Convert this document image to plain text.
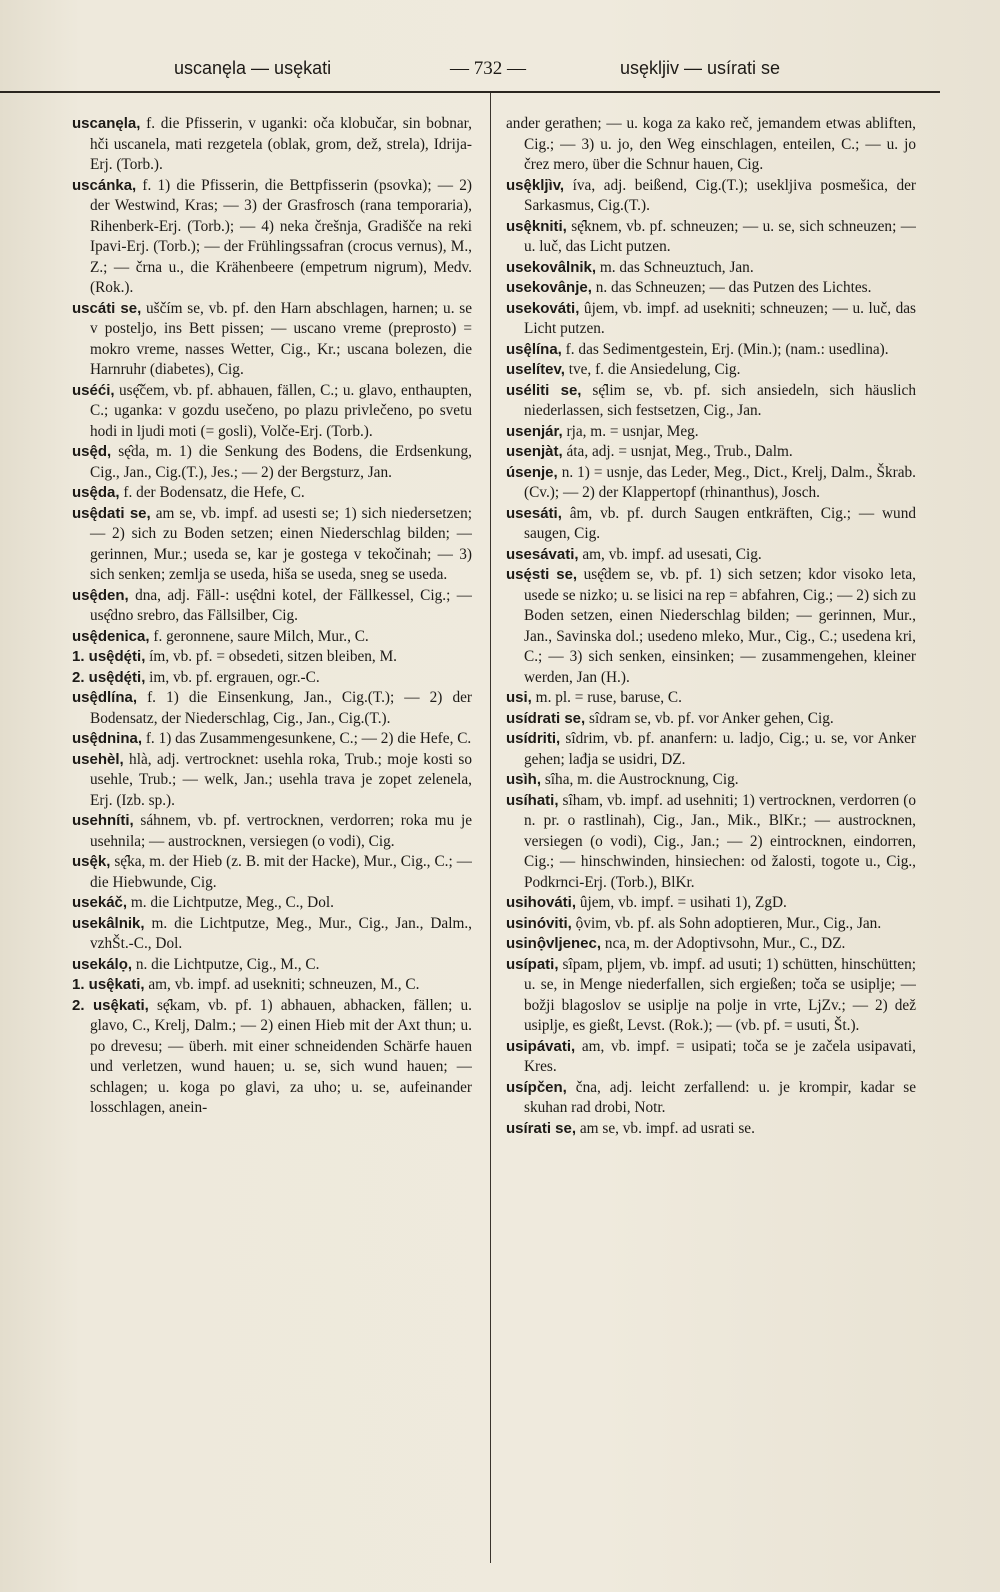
uscanęla — usękati	— 732 —	usękljiv — usírati se
uscanęla, f. die Pfisserin, v uganki: oča klobučar, sin bobnar, hči uscanela, mati rezgetela (oblak, grom, dež, strela), Idrija-Erj. (Torb.).
uscánka, f. 1) die Pfisserin, die Bettpfisserin (psovka); — 2) der Westwind, Kras; — 3) der Grasfrosch (rana temporaria), Rihenberk-Erj. (Torb.); — 4) neka črešnja, Gradišče na reki Ipavi-Erj. (Torb.); — der Frühlingssafran (crocus vernus), M., Z.; — črna u., die Krähenbeere (empetrum nigrum), Medv. (Rok.).
uscáti se, uščím se, vb. pf. den Harn abschlagen, harnen; u. se v posteljo, ins Bett pissen; — uscano vreme (preprosto) = mokro vreme, nasses Wetter, Cig., Kr.; uscana bolezen, die Harnruhr (diabetes), Cig.
uséći, usę̂čem, vb. pf. abhauen, fällen, C.; u. glavo, enthaupten, C.; uganka: v gozdu usečeno, po plazu privlečeno, po svetu hodi in ljudi moti (= gosli), Volče-Erj. (Torb.).
usę̂d, sę̂da, m. 1) die Senkung des Bodens, die Erdsenkung, Cig., Jan., Cig.(T.), Jes.; — 2) der Bergsturz, Jan.
usę̂da, f. der Bodensatz, die Hefe, C.
usę̂dati se, am se, vb. impf. ad usesti se; 1) sich niedersetzen; — 2) sich zu Boden setzen; einen Niederschlag bilden; — gerinnen, Mur.; useda se, kar je gostega v tekočinah; — 3) sich senken; zemlja se useda, hiša se useda, sneg se useda.
usę̂den, dna, adj. Fäll-: usę̂dni kotel, der Fällkessel, Cig.; — usę̂dno srebro, das Fällsilber, Cig.
usę̂denica, f. geronnene, saure Milch, Mur., C.
1. usę̂dę́ti, ím, vb. pf. = obsedeti, sitzen bleiben, M.
2. usę̂dę́ti, im, vb. pf. ergrauen, ogr.-C.
usę̂dlína, f. 1) die Einsenkung, Jan., Cig.(T.); — 2) der Bodensatz, der Niederschlag, Cig., Jan., Cig.(T.).
usę̂dnina, f. 1) das Zusammengesunkene, C.; — 2) die Hefe, C.
usehèl, hlà, adj. vertrocknet: usehla roka, Trub.; moje kosti so usehle, Trub.; — welk, Jan.; usehla trava je zopet zelenela, Erj. (Izb. sp.).
usehníti, sáhnem, vb. pf. vertrocknen, verdorren; roka mu je usehnila; — austrocknen, versiegen (o vodi), Cig.
usę̂k, sę̂ka, m. der Hieb (z. B. mit der Hacke), Mur., Cig., C.; — die Hiebwunde, Cig.
usekáč, m. die Lichtputze, Meg., C., Dol.
usekâlnik, m. die Lichtputze, Meg., Mur., Cig., Jan., Dalm., vzhŠt.-C., Dol.
usekálọ, n. die Lichtputze, Cig., M., C.
1. usę̂kati, am, vb. impf. ad usekniti; schneuzen, M., C.
2. usę̂kati, sę̂kam, vb. pf. 1) abhauen, abhacken, fällen; u. glavo, C., Krelj, Dalm.; — 2) einen Hieb mit der Axt thun; u. po drevesu; — überh. mit einer schneidenden Schärfe hauen und verletzen, wund hauen; u. se, sich wund hauen; — schlagen; u. koga po glavi, za uho; u. se, aufeinander losschlagen, anein-
ander gerathen; — u. koga za kako reč, jemandem etwas abliften, Cig.; — 3) u. jo, den Weg einschlagen, enteilen, C.; — u. jo črez mero, über die Schnur hauen, Cig.
usę̂kljìv, íva, adj. beißend, Cig.(T.); usekljiva posmešica, der Sarkasmus, Cig.(T.).
usę̂kniti, sę̂knem, vb. pf. schneuzen; — u. se, sich schneuzen; — u. luč, das Licht putzen.
usekovâlnik, m. das Schneuztuch, Jan.
usekovânje, n. das Schneuzen; — das Putzen des Lichtes.
usekováti, ûjem, vb. impf. ad usekniti; schneuzen; — u. luč, das Licht putzen.
usę̂lína, f. das Sedimentgestein, Erj. (Min.); (nam.: usedlina).
uselítev, tve, f. die Ansiedelung, Cig.
uséliti se, sę̂lim se, vb. pf. sich ansiedeln, sich häuslich niederlassen, sich festsetzen, Cig., Jan.
usenjár, rja, m. = usnjar, Meg.
usenjàt, áta, adj. = usnjat, Meg., Trub., Dalm.
úsenje, n. 1) = usnje, das Leder, Meg., Dict., Krelj, Dalm., Škrab. (Cv.); — 2) der Klappertopf (rhinanthus), Josch.
usesáti, âm, vb. pf. durch Saugen entkräften, Cig.; — wund saugen, Cig.
usesávati, am, vb. impf. ad usesati, Cig.
usę́sti se, usę̂dem se, vb. pf. 1) sich setzen; kdor visoko leta, usede se nizko; u. se lisici na rep = abfahren, Cig.; — 2) sich zu Boden setzen, einen Niederschlag bilden; — gerinnen, Mur., Jan., Savinska dol.; usedeno mleko, Mur., Cig., C.; usedena kri, C.; — 3) sich senken, einsinken; — zusammengehen, kleiner werden, Jan (H.).
usi, m. pl. = ruse, baruse, C.
usídrati se, sîdram se, vb. pf. vor Anker gehen, Cig.
usídriti, sîdrim, vb. pf. ananfern: u. ladjo, Cig.; u. se, vor Anker gehen; lađja se usidri, DZ.
usìh, sîha, m. die Austrocknung, Cig.
usíhati, sîham, vb. impf. ad usehniti; 1) vertrocknen, verdorren (o n. pr. o rastlinah), Cig., Jan., Mik., BlKr.; — austrocknen, versiegen (o vodi), Cig., Jan.; — 2) eintrocknen, eindorren, Cig.; — hinschwinden, hinsiechen: od žalosti, togote u., Cig., Podkrnci-Erj. (Torb.), BlKr.
usihováti, ûjem, vb. impf. = usihati 1), ZgD.
usinóviti, ộvim, vb. pf. als Sohn adoptieren, Mur., Cig., Jan.
usinộvljenec, nca, m. der Adoptivsohn, Mur., C., DZ.
usípati, sîpam, pljem, vb. impf. ad usuti; 1) schütten, hinschütten; u. se, in Menge niederfallen, sich ergießen; toča se usiplje; — božji blagoslov se usiplje na polje in vrte, LjZv.; — 2) dež usiplje, es gießt, Levst. (Rok.); — (vb. pf. = usuti, Št.).
usipávati, am, vb. impf. = usipati; toča se je začela usipavati, Kres.
usípčen, čna, adj. leicht zerfallend: u. je krompir, kadar se skuhan rad drobi, Notr.
usírati se, am se, vb. impf. ad usrati se.
